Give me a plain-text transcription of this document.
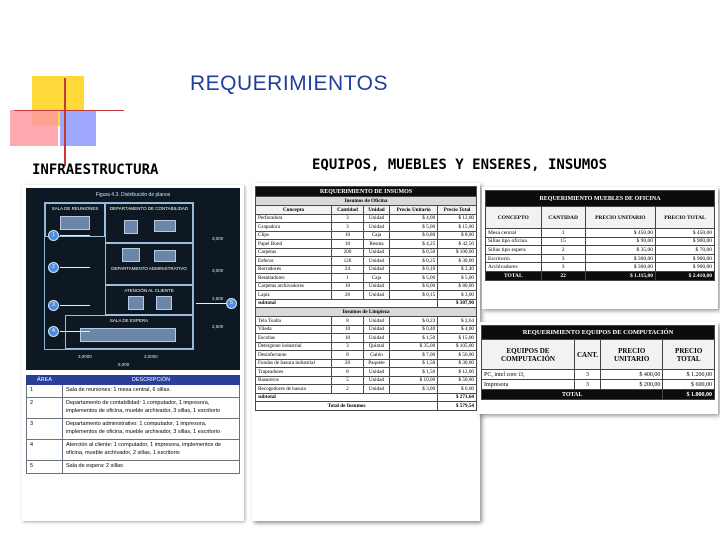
REQUERIMIENTOS
INFRAESTRUCTURA	EQUIPOS, MUEBLES Y ENSERES, INSUMOS
Figura 4.3. Distribución de planos
SALA DE REUNIONES	DEPARTAMENTO DE CONTABILIDAD
DEPARTAMENTO ADMINISTRATIVO
ATENCIÓN AL CLIENTE
SALA DE ESPERA
1
2
3
4
5
3,000
3,000
2,500
2,500
3,0000	3,0000
6,000
ÁREA	DESCRIPCIÓN
1	Sala de reuniones: 1 mesa central, 6 sillas.
2	Departamento de contabilidad: 1 computador, 1 impresora, implementos de oficina, mueble archivador, 3 sillas, 1 escritorio
3	Departamento administrativo: 1 computador, 1 impresora, implementos de oficina, mueble archivador, 3 sillas, 1 escritorio
4	Atención al cliente: 1 computador, 1 impresora, implementos de oficina, mueble archivador, 2 sillas, 1 escritorio
5	Sala de espera: 2 sillas
REQUERIMIENTO DE INSUMOS				
Insumos de Oficina				
Concepto	Cantidad	Unidad	Precio Unitario	Precio Total
Perforadora	3	Unidad	$ 4,00	$ 12,00
Grapadora	3	Unidad	$ 5,00	$ 15,00
Clips	10	Caja	$ 0,80	$ 8,00
Papel Bond	10	Resma	$ 4,25	$ 42,50
Carpetas	200	Unidad	$ 0,50	$ 100,00
Esferos	120	Unidad	$ 0,25	$ 30,00
Borradores	24	Unidad	$ 0,10	$ 2,40
Resaltadores	1	Caja	$ 5,00	$ 5,00
Carpetas archivadores	10	Unidad	$ 8,00	$ 80,00
Lapiz	20	Unidad	$ 0,15	$ 3,00
subtotal				$ 307,90
Insumos de Limpieza				
Tela Toalla	8	Unidad	$ 0,23	$ 2,64
Vileda	10	Unidad	$ 0,40	$ 4,00
Escobas	10	Unidad	$ 1,50	$ 15,00
Detergente industrial	3	Quintal	$ 35,00	$ 105,00
Desinfectante	8	Galón	$ 7,00	$ 56,00
Fundas de basura industrial	20	Paquete	$ 1,50	$ 30,00
Trapeadores	8	Unidad	$ 1,50	$ 12,00
Basureros	5	Unidad	$ 10,00	$ 50,00
Recogedores de basura	2	Unidad	$ 3,00	$ 6,00
subtotal				$ 271,64
Total de Insumos				$ 579,54
REQUERIMIENTO MUEBLES DE OFICINA			
CONCEPTO	CANTIDAD	PRECIO UNITARIO	PRECIO TOTAL
Mesa central	1	$ 450,00	$ 450,00
Sillas tipo oficina	15	$ 90,00	$ 900,00
Sillas tipo espera	2	$ 35,00	$ 70,00
Escritorio	3	$ 300,00	$ 900,00
Archivadores	3	$ 300,00	$ 900,00
TOTAL	22	$ 1.115,00	$ 2.410,00
REQUERIMIENTO EQUIPOS DE COMPUTACIÓN			
EQUIPOS DE COMPUTACIÓN	CANT.	PRECIO UNITARIO	PRECIO TOTAL
PC, intel core i3,	3	$ 400,00	$ 1.200,00
Impresora	3	$ 200,00	$ 600,00
TOTAL			$ 1.800,00
